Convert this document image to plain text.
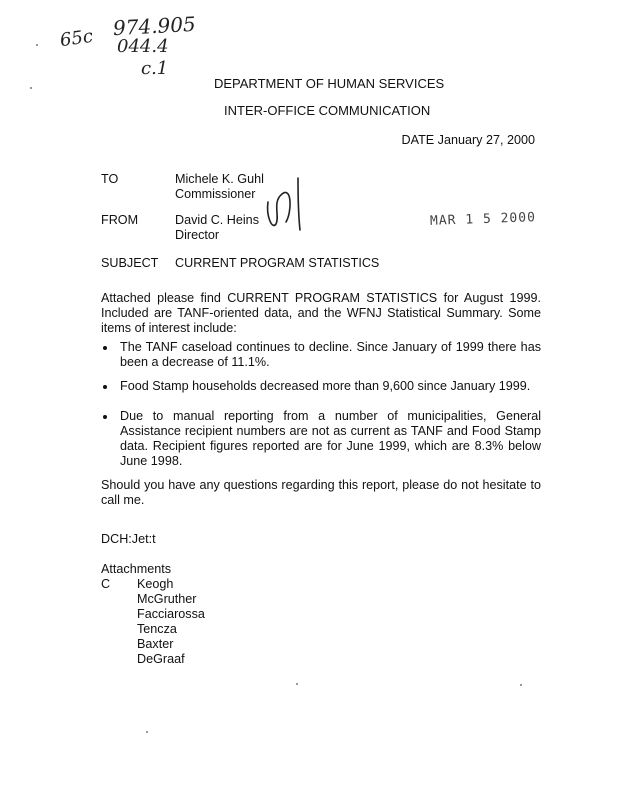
65c 974.905
044.4
c.1
DEPARTMENT OF HUMAN SERVICES
INTER-OFFICE COMMUNICATION
DATE January 27, 2000
TO	Michele K. Guhl
Commissioner
FROM	David C. Heins
Director
MAR 1 5 2000
SUBJECT CURRENT PROGRAM STATISTICS
Attached please find CURRENT PROGRAM STATISTICS for August 1999. Included are TANF-oriented data, and the WFNJ Statistical Summary. Some items of interest include:
The TANF caseload continues to decline. Since January of 1999 there has been a decrease of 11.1%.
Food Stamp households decreased more than 9,600 since January 1999.
Due to manual reporting from a number of municipalities, General Assistance recipient numbers are not as current as TANF and Food Stamp data. Recipient figures reported are for June 1999, which are 8.3% below June 1998.
Should you have any questions regarding this report, please do not hesitate to call me.
DCH:Jet:t
Attachments
C Keogh
McGruther
Facciarossa
Tencza
Baxter
DeGraaf
